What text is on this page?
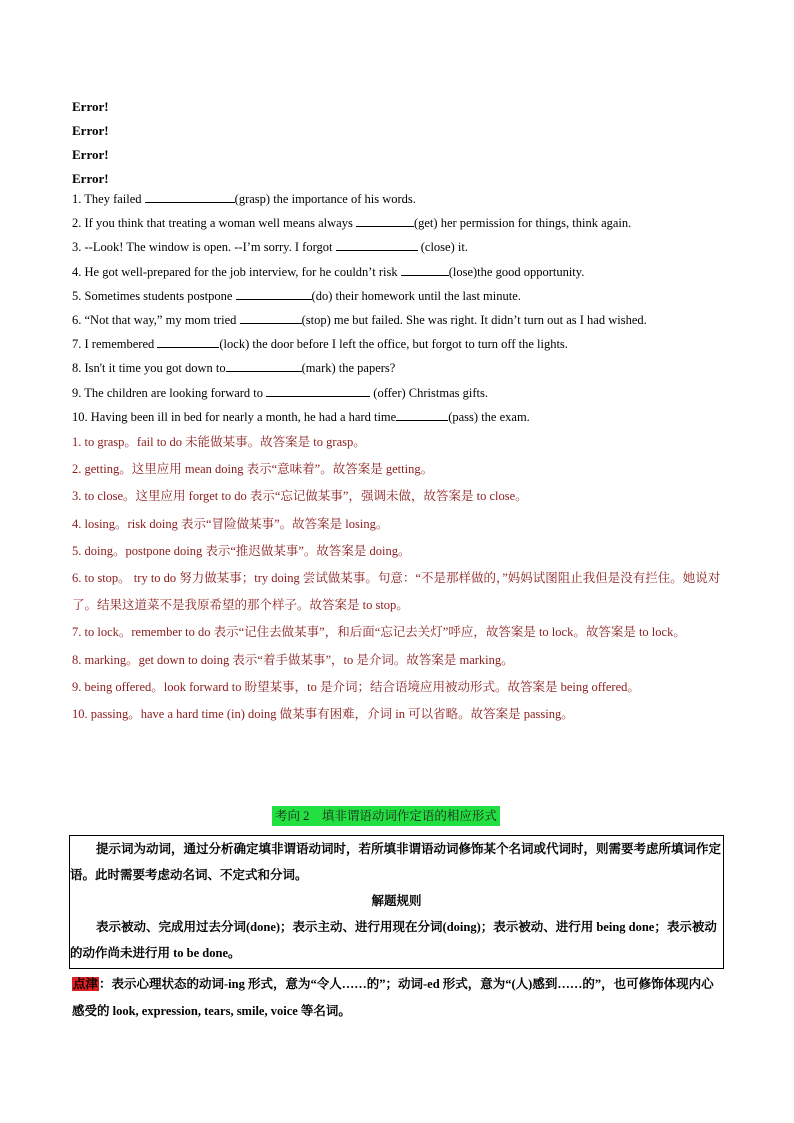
Error!
Error!
Error!
Error!
1. They failed	(grasp) the importance of his words.
2. If you think that treating a woman well means always	(get) her permission for things, think again.
3. --Look! The window is open. --I’m sorry. I forgot	(close) it.
4. He got well-prepared for the job interview, for he couldn’t risk	(lose)the good opportunity.
5. Sometimes students postpone	(do) their homework until the last minute.
6. “Not that way,” my mom tried	(stop) me but failed. She was right. It didn’t turn out as I had wished.
7. I remembered	(lock) the door before I left the office, but forgot to turn off the lights.
8. Isn't it time you got down to	(mark) the papers?
9. The children are looking forward to	(offer) Christmas gifts.
10. Having been ill in bed for nearly a month, he had a hard time	(pass) the exam.
1. to grasp。fail to do 未能做某事。故答案是 to grasp。
2. getting。这里应用 mean doing 表示“意味着”。故答案是 getting。
3. to close。这里应用 forget to do 表示“忘记做某事”，强调未做，故答案是 to close。
4. losing。risk doing 表示“冒险做某事”。故答案是 losing。
5. doing。postpone doing 表示“推迟做某事”。故答案是 doing。
6. to stop。 try to do 努力做某事；try doing 尝试做某事。句意：“不是那样做的，”妈妈试图阻止我但是没有拦住。她说对了。结果这道菜不是我原希望的那个样子。故答案是 to stop。
7. to lock。remember to do 表示“记住去做某事”，和后面“忘记去关灯”呼应，故答案是 to lock。故答案是 to lock。
8. marking。get down to doing 表示“着手做某事”，to 是介词。故答案是 marking。
9. being offered。look forward to 盼望某事，to 是介词；结合语境应用被动形式。故答案是 being offered。
10. passing。have a hard time (in) doing 做某事有困难，介词 in 可以省略。故答案是 passing。
考向 2　填非谓语动词作定语的相应形式

提示词为动词，通过分析确定填非谓语动词时，若所填非谓语动词修饰某个名词或代词时，则需要考虑所填词作定语。此时需要考虑动名词、不定式和分词。

解题规则

表示被动、完成用过去分词(done)；表示主动、进行用现在分词(doing)；表示被动、进行用 being done；表示被动的动作尚未进行用 to be done。

点津：表示心理状态的动词-ing 形式，意为“令人……的”；动词-ed 形式，意为“(人)感到……的”，也可修饰体现内心感受的 look, expression, tears, smile, voice 等名词。
